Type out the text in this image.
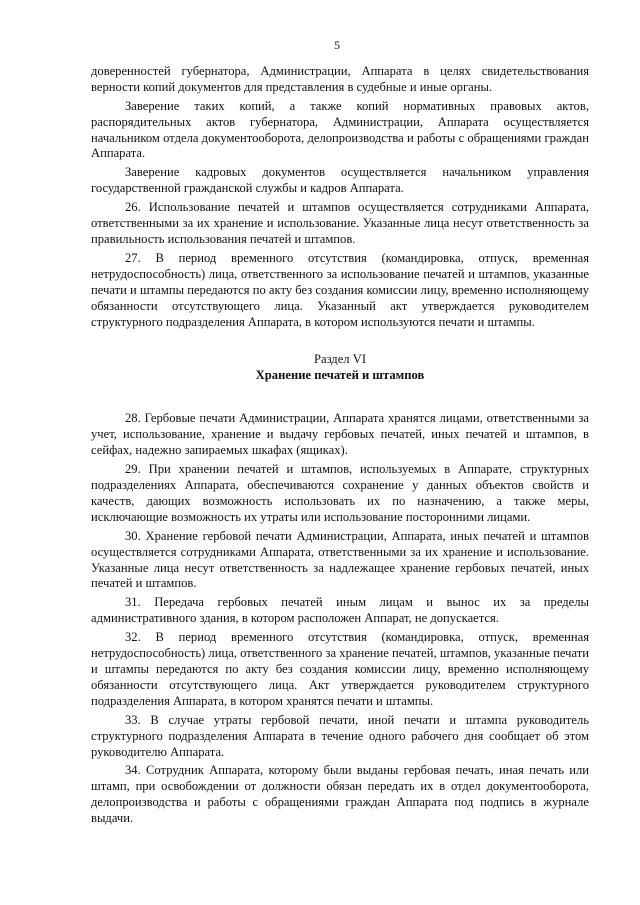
5

доверенностей губернатора, Администрации, Аппарата в целях свидетельствования верности копий документов для представления в судебные и иные органы.

Заверение таких копий, а также копий нормативных правовых актов, распорядительных актов губернатора, Администрации, Аппарата осуществляется начальником отдела документооборота, делопроизводства и работы с обращениями граждан Аппарата.

Заверение кадровых документов осуществляется начальником управления государственной гражданской службы и кадров Аппарата.

26. Использование печатей и штампов осуществляется сотрудниками Аппарата, ответственными за их хранение и использование. Указанные лица несут ответственность за правильность использования печатей и штампов.

27. В период временного отсутствия (командировка, отпуск, временная нетрудоспособность) лица, ответственного за использование печатей и штампов, указанные печати и штампы передаются по акту без создания комиссии лицу, временно исполняющему обязанности отсутствующего лица. Указанный акт утверждается руководителем структурного подразделения Аппарата, в котором используются печати и штампы.

Раздел VI
Хранение печатей и штампов

28. Гербовые печати Администрации, Аппарата хранятся лицами, ответственными за учет, использование, хранение и выдачу гербовых печатей, иных печатей и штампов, в сейфах, надежно запираемых шкафах (ящиках).

29. При хранении печатей и штампов, используемых в Аппарате, структурных подразделениях Аппарата, обеспечиваются сохранение у данных объектов свойств и качеств, дающих возможность использовать их по назначению, а также меры, исключающие возможность их утраты или использование посторонними лицами.

30. Хранение гербовой печати Администрации, Аппарата, иных печатей и штампов осуществляется сотрудниками Аппарата, ответственными за их хранение и использование. Указанные лица несут ответственность за надлежащее хранение гербовых печатей, иных печатей и штампов.

31. Передача гербовых печатей иным лицам и вынос их за пределы административного здания, в котором расположен Аппарат, не допускается.

32. В период временного отсутствия (командировка, отпуск, временная нетрудоспособность) лица, ответственного за хранение печатей, штампов, указанные печати и штампы передаются по акту без создания комиссии лицу, временно исполняющему обязанности отсутствующего лица. Акт утверждается руководителем структурного подразделения Аппарата, в котором хранятся печати и штампы.

33. В случае утраты гербовой печати, иной печати и штампа руководитель структурного подразделения Аппарата в течение одного рабочего дня сообщает об этом руководителю Аппарата.

34. Сотрудник Аппарата, которому были выданы гербовая печать, иная печать или штамп, при освобождении от должности обязан передать их в отдел документооборота, делопроизводства и работы с обращениями граждан Аппарата под подпись в журнале выдачи.
